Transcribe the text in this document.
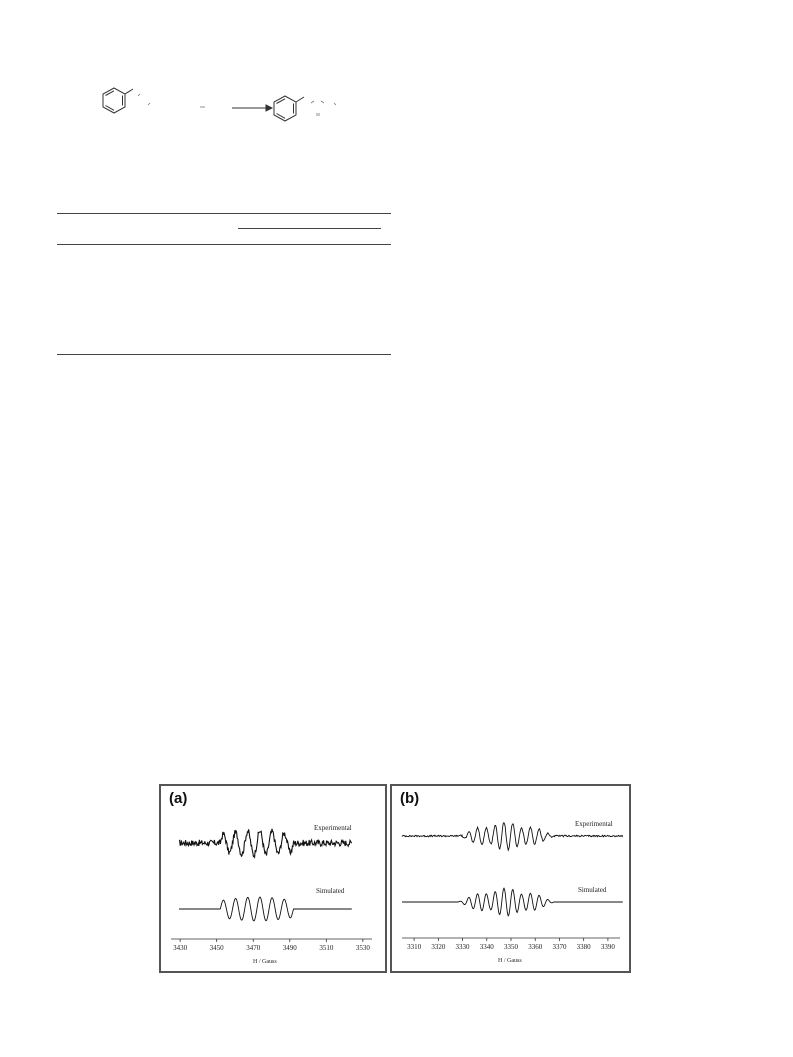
(a)
Experimental
Simulated
3430	3450	3470	3490	3510	3530
H / Gauss
(b)
Experimental
Simulated
3310 3320 3330 3340 3350 3360 3370 3380 3390
H / Gauss
